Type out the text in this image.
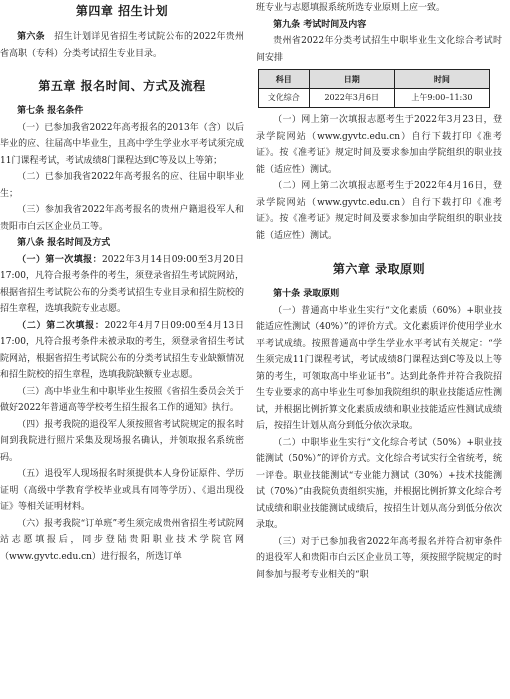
第四章 招生计划

第六条  招生计划详见省招生考试院公布的2022年贵州省高职（专科）分类考试招生专业目录。

第五章 报名时间、方式及流程

第七条 报名条件

（一）已参加我省2022年高考报名的2013年（含）以后毕业的应、往届高中毕业生，且高中学生学业水平考试须完成11门课程考试，考试成绩8门课程达到C等及以上等第；

（二）已参加我省2022年高考报名的应、往届中职毕业生；

（三）参加我省2022年高考报名的贵州户籍退役军人和贵阳市白云区企业员工等。

第八条 报名时间及方式

（一）第一次填报：2022年3月14日09:00至3月20日17:00，凡符合报考条件的考生，须登录省招生考试院网站，根据省招生考试院公布的分类考试招生专业目录和招生院校的招生章程，选填我院专业志愿。

（二）第二次填报：2022年4月7日09:00至4月13日17:00，凡符合报考条件未被录取的考生，须登录省招生考试院网站，根据省招生考试院公布的分类考试招生专业缺额情况和招生院校的招生章程，选填我院缺额专业志愿。

（三）高中毕业生和中职毕业生按照《省招生委员会关于做好2022年普通高等学校考生招生报名工作的通知》执行。

（四）报考我院的退役军人须按照省考试院规定的报名时间到我院进行照片采集及现场报名确认，并领取报名系统密码。

（五）退役军人现场报名时须提供本人身份证原件、学历证明（高级中学教育学校毕业或具有同等学历）、《退出现役证》等相关证明材料。

（六）报考我院“订单班”考生须完成贵州省招生考试院网站志愿填报后，同步登陆贵阳职业技术学院官网（www.gyvtc.edu.cn）进行报名，所选订单

班专业与志愿填报系统所选专业原则上应一致。

第九条 考试时间及内容

贵州省2022年分类考试招生中职毕业生文化综合考试时间安排

科目	日期	时间
文化综合	2022年3月6日	上午9:00–11:30

（一）网上第一次填报志愿考生于2022年3月23日，登录学院网站（www.gyvtc.edu.cn）自行下载打印《准考证》。按《准考证》规定时间及要求参加由学院组织的职业技能（适应性）测试。

（二）网上第二次填报志愿考生于2022年4月16日，登录学院网站（www.gyvtc.edu.cn）自行下载打印《准考证》。按《准考证》规定时间及要求参加由学院组织的职业技能（适应性）测试。

第六章 录取原则

第十条 录取原则

（一）普通高中毕业生实行“文化素质（60%）+职业技能适应性测试（40%）”的评价方式。文化素质评价使用学业水平考试成绩。按照普通高中学生学业水平考试有关规定：“学生须完成11门课程考试，考试成绩8门课程达到C等及以上等第的考生，可领取高中毕业证书”。达到此条件并符合我院招生专业要求的高中毕业生可参加我院组织的职业技能适应性测试，并根据比例折算文化素质成绩和职业技能适应性测试成绩后，按招生计划从高分到低分依次录取。

（二）中职毕业生实行“文化综合考试（50%）+职业技能测试（50%）”的评价方式。文化综合考试实行全省统考，统一评卷。职业技能测试“专业能力测试（30%）+技术技能测试（70%）”由我院负责组织实施，并根据比例折算文化综合考试成绩和职业技能测试成绩后，按招生计划从高分到低分依次录取。

（三）对于已参加我省2022年高考报名并符合初审条件的退役军人和贵阳市白云区企业员工等，须按照学院规定的时间参加与报考专业相关的“职
